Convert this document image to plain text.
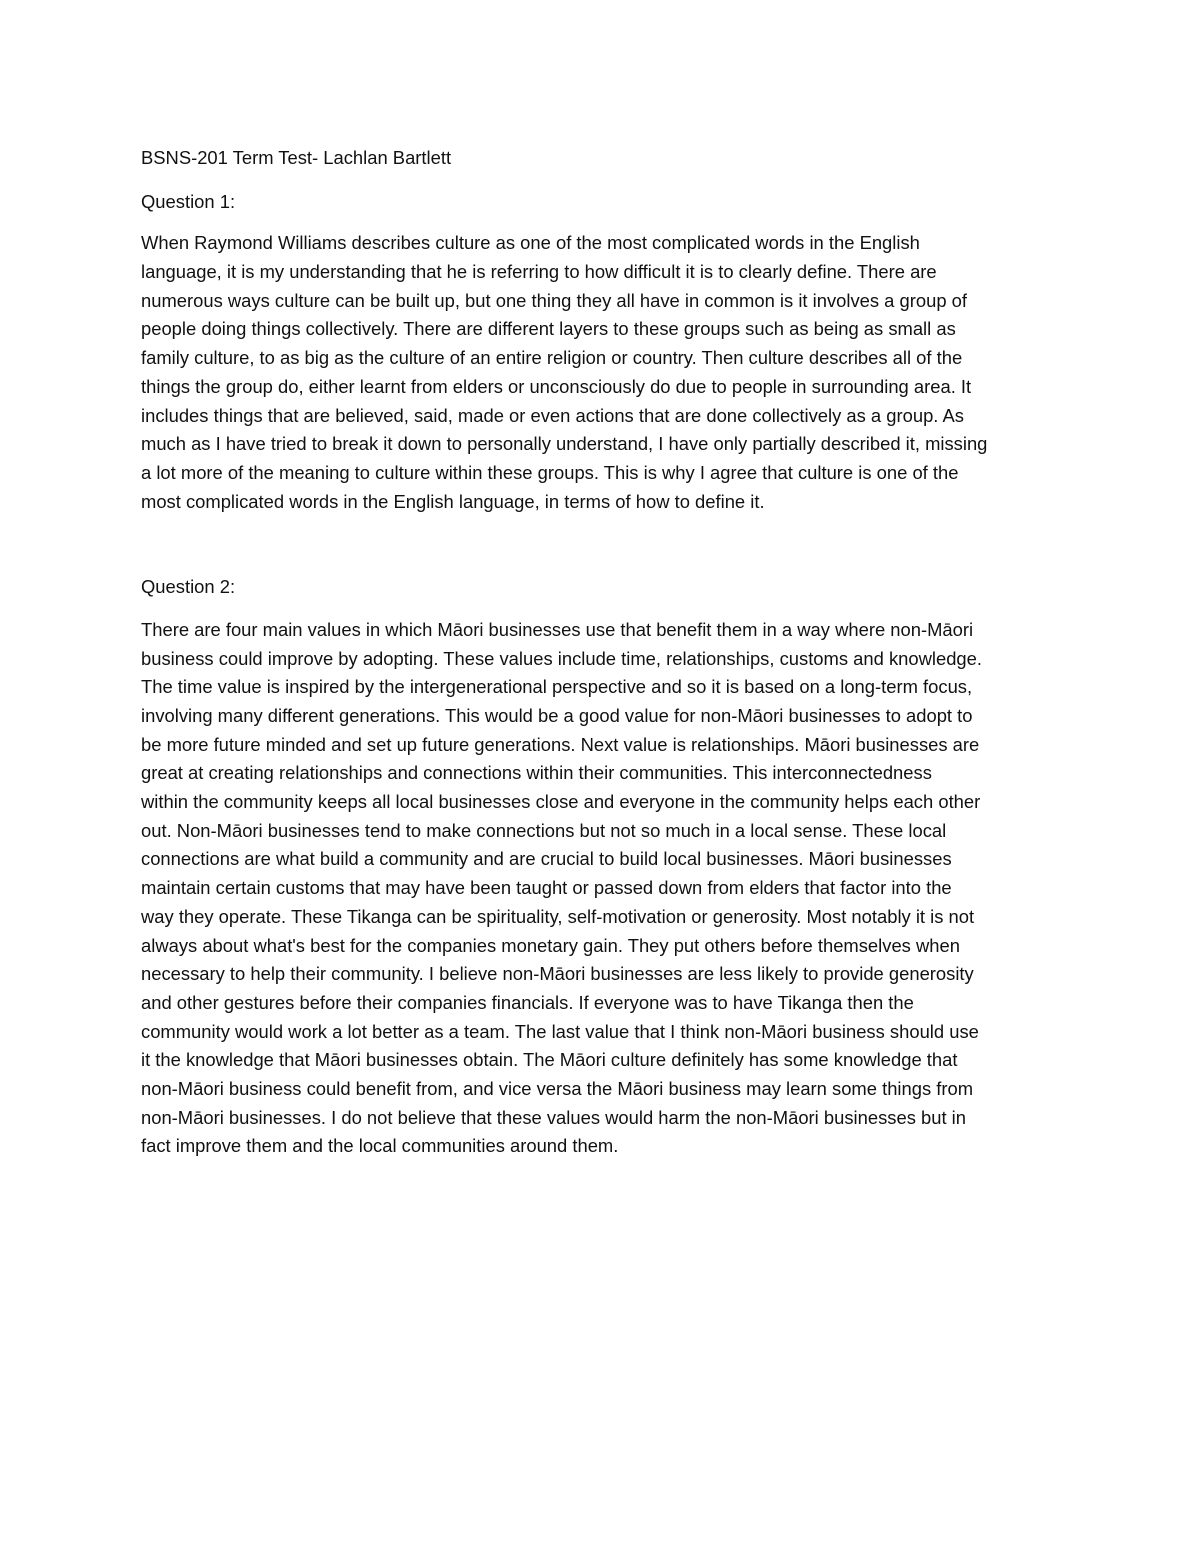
BSNS-201 Term Test- Lachlan Bartlett
Question 1:
When Raymond Williams describes culture as one of the most complicated words in the English
language, it is my understanding that he is referring to how difficult it is to clearly define. There are
numerous ways culture can be built up, but one thing they all have in common is it involves a group of
people doing things collectively. There are different layers to these groups such as being as small as
family culture, to as big as the culture of an entire religion or country. Then culture describes all of the
things the group do, either learnt from elders or unconsciously do due to people in surrounding area. It
includes things that are believed, said, made or even actions that are done collectively as a group. As
much as I have tried to break it down to personally understand, I have only partially described it, missing
a lot more of the meaning to culture within these groups. This is why I agree that culture is one of the
most complicated words in the English language, in terms of how to define it.
Question 2:
There are four main values in which Māori businesses use that benefit them in a way where non-Māori
business could improve by adopting. These values include time, relationships, customs and knowledge.
The time value is inspired by the intergenerational perspective and so it is based on a long-term focus,
involving many different generations. This would be a good value for non-Māori businesses to adopt to
be more future minded and set up future generations. Next value is relationships. Māori businesses are
great at creating relationships and connections within their communities. This interconnectedness
within the community keeps all local businesses close and everyone in the community helps each other
out. Non-Māori businesses tend to make connections but not so much in a local sense. These local
connections are what build a community and are crucial to build local businesses. Māori businesses
maintain certain customs that may have been taught or passed down from elders that factor into the
way they operate. These Tikanga can be spirituality, self-motivation or generosity. Most notably it is not
always about what's best for the companies monetary gain. They put others before themselves when
necessary to help their community. I believe non-Māori businesses are less likely to provide generosity
and other gestures before their companies financials. If everyone was to have Tikanga then the
community would work a lot better as a team. The last value that I think non-Māori business should use
it the knowledge that Māori businesses obtain. The Māori culture definitely has some knowledge that
non-Māori business could benefit from, and vice versa the Māori business may learn some things from
non-Māori businesses. I do not believe that these values would harm the non-Māori businesses but in
fact improve them and the local communities around them.
